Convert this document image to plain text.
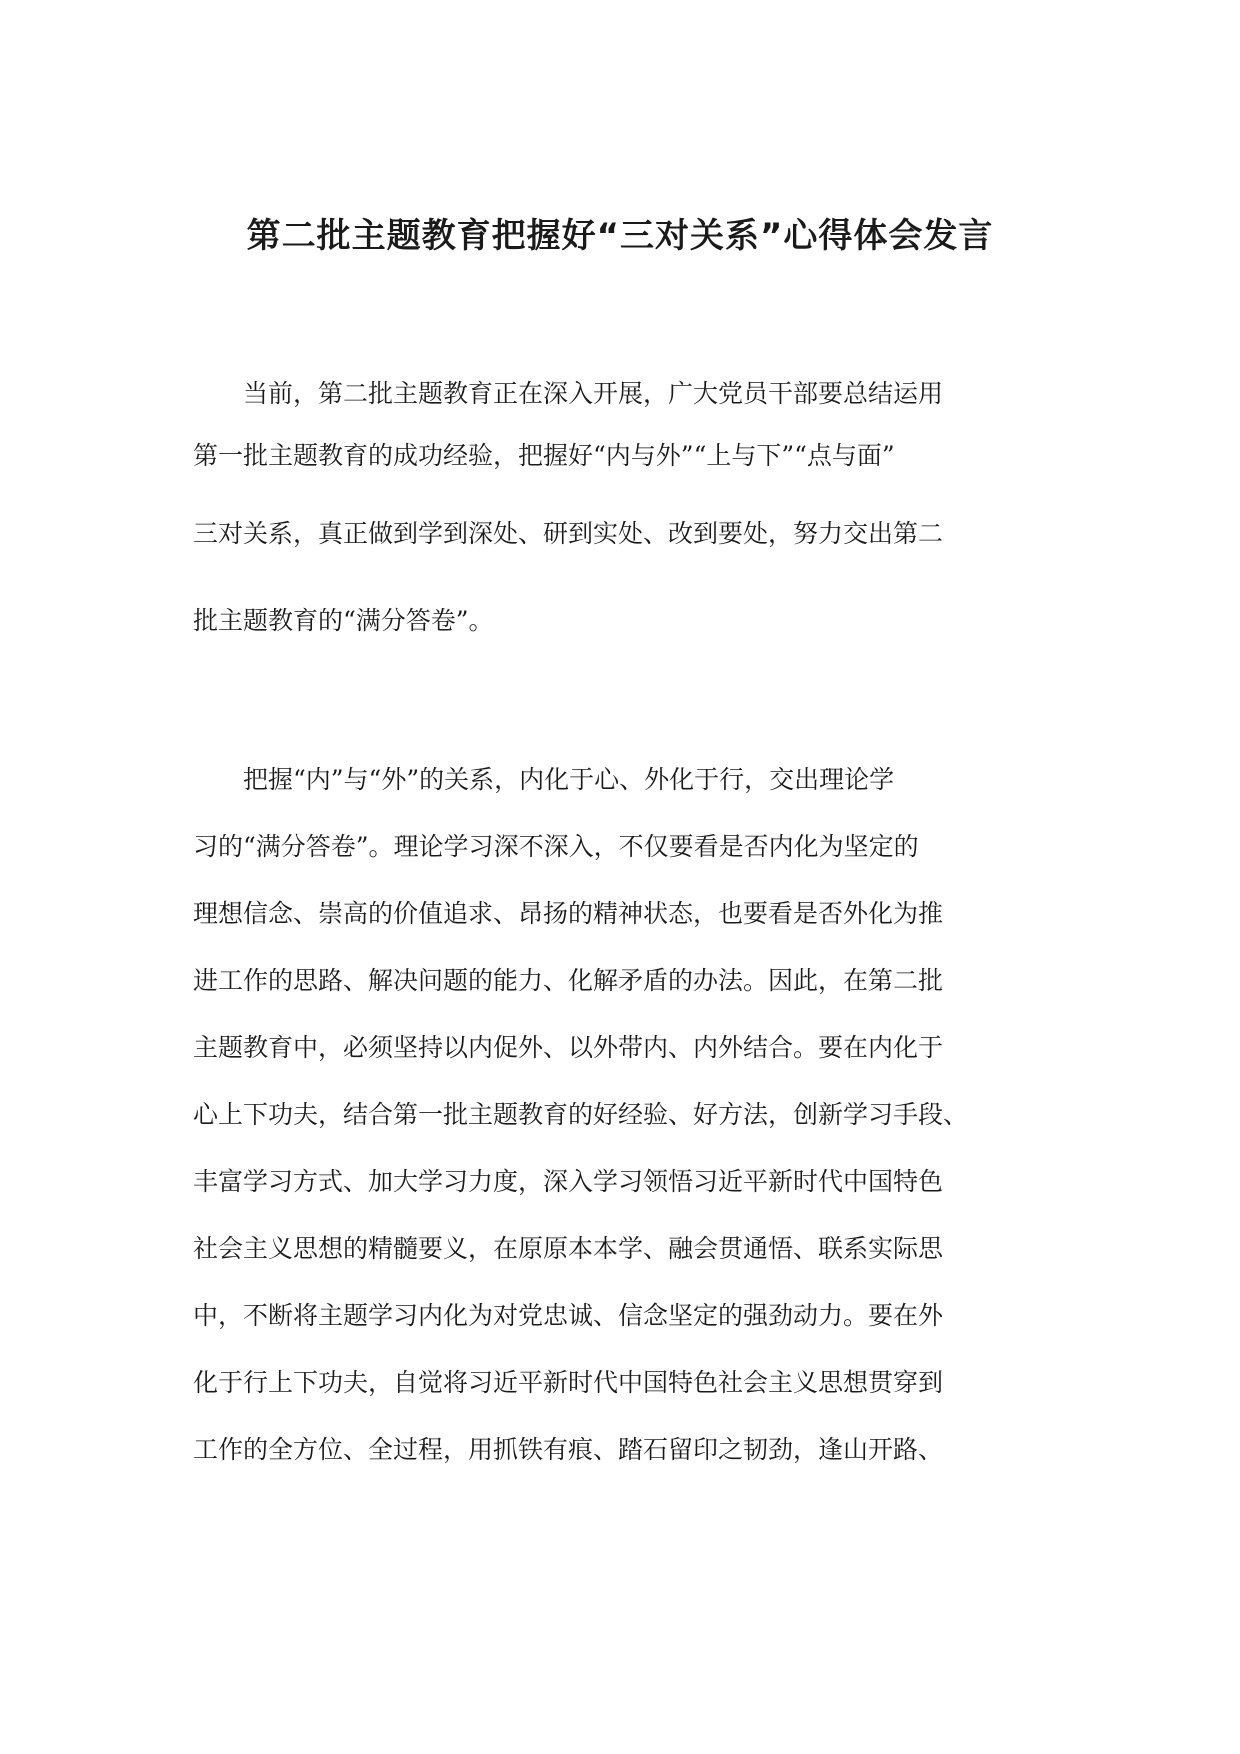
第二批主题教育把握好“三对关系”心得体会发言

当前，第二批主题教育正在深入开展，广大党员干部要总结运用

第一批主题教育的成功经验，把握好“内与外”“上与下”“点与面”

三对关系，真正做到学到深处、研到实处、改到要处，努力交出第二

批主题教育的“满分答卷”。

把握“内”与“外”的关系，内化于心、外化于行，交出理论学

习的“满分答卷”。理论学习深不深入，不仅要看是否内化为坚定的

理想信念、崇高的价值追求、昂扬的精神状态，也要看是否外化为推

进工作的思路、解决问题的能力、化解矛盾的办法。因此，在第二批

主题教育中，必须坚持以内促外、以外带内、内外结合。要在内化于

心上下功夫，结合第一批主题教育的好经验、好方法，创新学习手段、

丰富学习方式、加大学习力度，深入学习领悟习近平新时代中国特色

社会主义思想的精髓要义，在原原本本学、融会贯通悟、联系实际思

中，不断将主题学习内化为对党忠诚、信念坚定的强劲动力。要在外

化于行上下功夫，自觉将习近平新时代中国特色社会主义思想贯穿到

工作的全方位、全过程，用抓铁有痕、踏石留印之韧劲，逢山开路、
